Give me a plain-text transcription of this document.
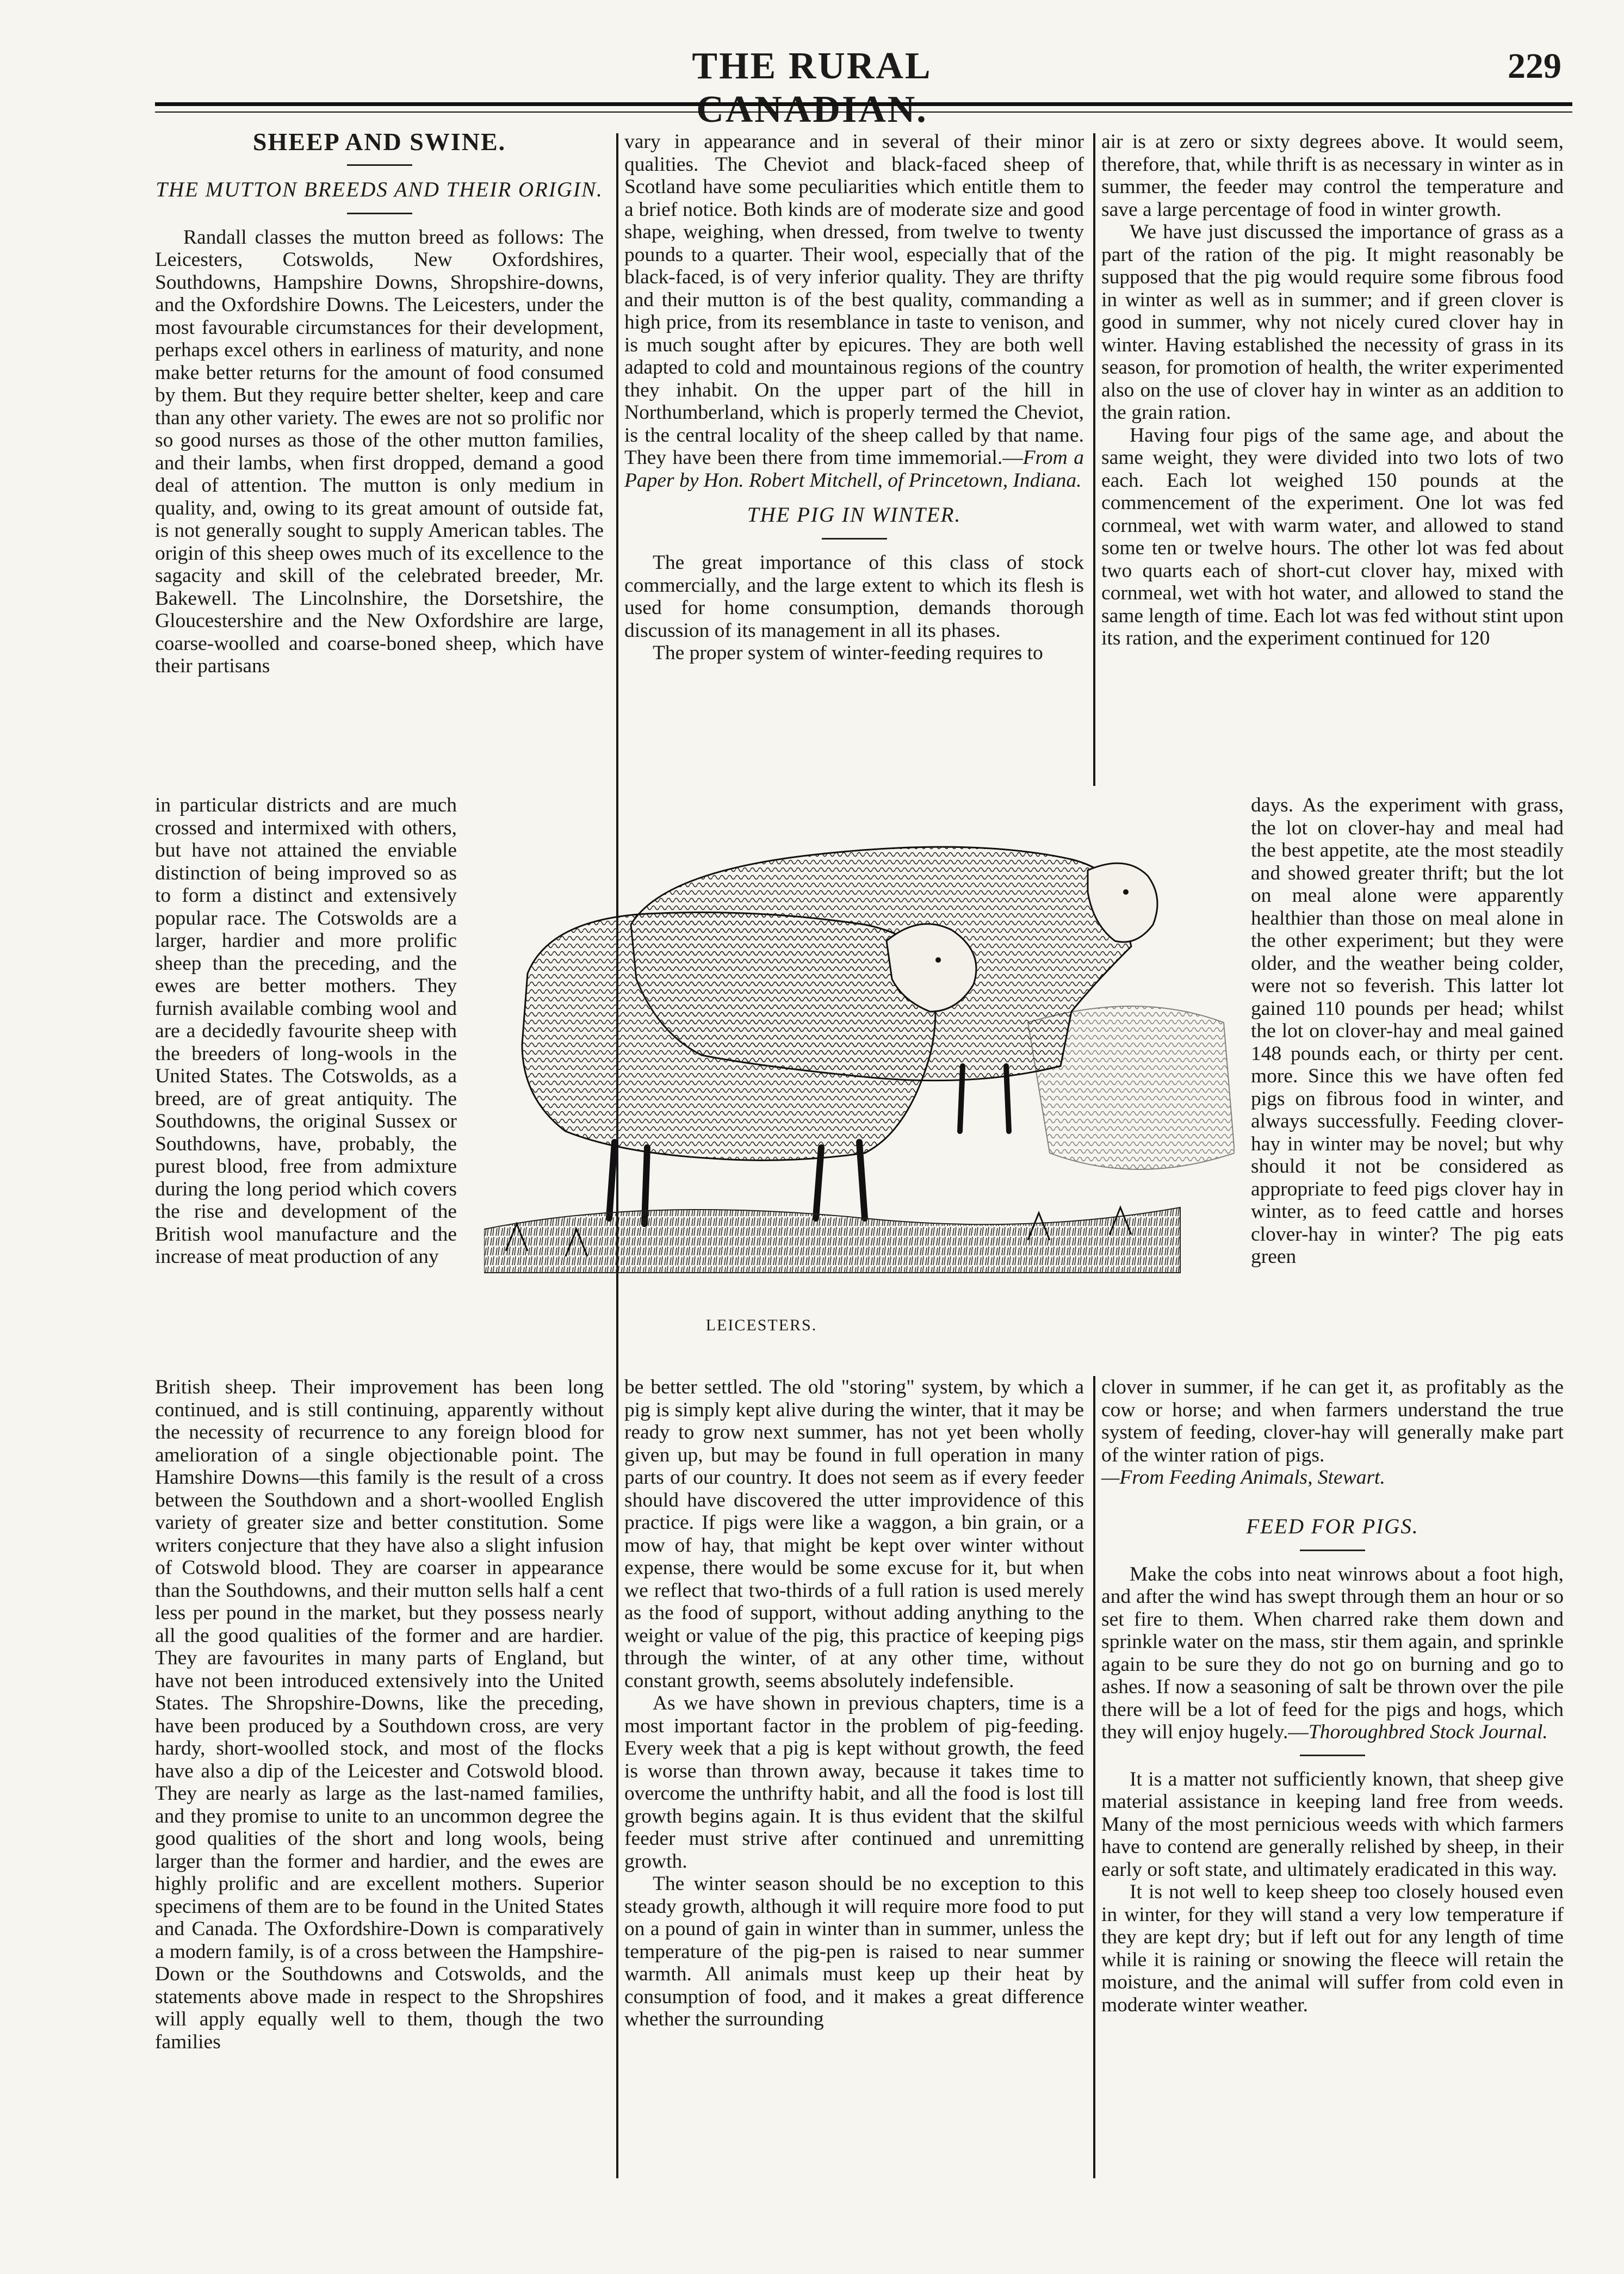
THE RURAL CANADIAN.
229
SHEEP AND SWINE.
THE MUTTON BREEDS AND THEIR ORIGIN.

Randall classes the mutton breed as follows: The Leicesters, Cotswolds, New Oxfordshires, Southdowns, Hampshire Downs, Shropshire-downs, and the Oxfordshire Downs. The Leicesters, under the most favourable circumstances for their development, perhaps excel others in earliness of maturity, and none make better returns for the amount of food consumed by them. But they require better shelter, keep and care than any other variety. The ewes are not so prolific nor so good nurses as those of the other mutton families, and their lambs, when first dropped, demand a good deal of attention. The mutton is only medium in quality, and, owing to its great amount of outside fat, is not generally sought to supply American tables. The origin of this sheep owes much of its excellence to the sagacity and skill of the celebrated breeder, Mr. Bakewell. The Lincolnshire, the Dorsetshire, the Gloucestershire and the New Oxfordshire are large, coarse-woolled and coarse-boned sheep, which have their partisans

in particular districts and are much crossed and intermixed with others, but have not attained the enviable distinction of being improved so as to form a distinct and extensively popular race. The Cotswolds are a larger, hardier and more prolific sheep than the preceding, and the ewes are better mothers. They furnish available combing wool and are a decidedly favourite sheep with the breeders of long-wools in the United States. The Cotswolds, as a breed, are of great antiquity. The Southdowns, the original Sussex or Southdowns, have, probably, the purest blood, free from admixture during the long period which covers the rise and development of the British wool manufacture and the increase of meat production of any

British sheep. Their improvement has been long continued, and is still continuing, apparently without the necessity of recurrence to any foreign blood for amelioration of a single objectionable point. The Hamshire Downs—this family is the result of a cross between the Southdown and a short-woolled English variety of greater size and better constitution. Some writers conjecture that they have also a slight infusion of Cotswold blood. They are coarser in appearance than the Southdowns, and their mutton sells half a cent less per pound in the market, but they possess nearly all the good qualities of the former and are hardier. They are favourites in many parts of England, but have not been introduced extensively into the United States. The Shropshire-Downs, like the preceding, have been produced by a Southdown cross, are very hardy, short-woolled stock, and most of the flocks have also a dip of the Leicester and Cotswold blood. They are nearly as large as the last-named families, and they promise to unite to an uncommon degree the good qualities of the short and long wools, being larger than the former and hardier, and the ewes are highly prolific and are excellent mothers. Superior specimens of them are to be found in the United States and Canada. The Oxfordshire-Down is comparatively a modern family, is of a cross between the Hampshire-Down or the Southdowns and Cotswolds, and the statements above made in respect to the Shropshires will apply equally well to them, though the two families

vary in appearance and in several of their minor qualities. The Cheviot and black-faced sheep of Scotland have some peculiarities which entitle them to a brief notice. Both kinds are of moderate size and good shape, weighing, when dressed, from twelve to twenty pounds to a quarter. Their wool, especially that of the black-faced, is of very inferior quality. They are thrifty and their mutton is of the best quality, commanding a high price, from its resemblance in taste to venison, and is much sought after by epicures. They are both well adapted to cold and mountainous regions of the country they inhabit. On the upper part of the hill in Northumberland, which is properly termed the Cheviot, is the central locality of the sheep called by that name. They have been there from time immemorial.—From a Paper by Hon. Robert Mitchell, of Princetown, Indiana.

THE PIG IN WINTER.

The great importance of this class of stock commercially, and the large extent to which its flesh is used for home consumption, demands thorough discussion of its management in all its phases.

The proper system of winter-feeding requires to

LEICESTERS.

be better settled. The old "storing" system, by which a pig is simply kept alive during the winter, that it may be ready to grow next summer, has not yet been wholly given up, but may be found in full operation in many parts of our country. It does not seem as if every feeder should have discovered the utter improvidence of this practice. If pigs were like a waggon, a bin grain, or a mow of hay, that might be kept over winter without expense, there would be some excuse for it, but when we reflect that two-thirds of a full ration is used merely as the food of support, without adding anything to the weight or value of the pig, this practice of keeping pigs through the winter, of at any other time, without constant growth, seems absolutely indefensible.

As we have shown in previous chapters, time is a most important factor in the problem of pig-feeding. Every week that a pig is kept without growth, the feed is worse than thrown away, because it takes time to overcome the unthrifty habit, and all the food is lost till growth begins again. It is thus evident that the skilful feeder must strive after continued and unremitting growth.

The winter season should be no exception to this steady growth, although it will require more food to put on a pound of gain in winter than in summer, unless the temperature of the pig-pen is raised to near summer warmth. All animals must keep up their heat by consumption of food, and it makes a great difference whether the surrounding

air is at zero or sixty degrees above. It would seem, therefore, that, while thrift is as necessary in winter as in summer, the feeder may control the temperature and save a large percentage of food in winter growth.

We have just discussed the importance of grass as a part of the ration of the pig. It might reasonably be supposed that the pig would require some fibrous food in winter as well as in summer; and if green clover is good in summer, why not nicely cured clover hay in winter. Having established the necessity of grass in its season, for promotion of health, the writer experimented also on the use of clover hay in winter as an addition to the grain ration.

Having four pigs of the same age, and about the same weight, they were divided into two lots of two each. Each lot weighed 150 pounds at the commencement of the experiment. One lot was fed cornmeal, wet with warm water, and allowed to stand some ten or twelve hours. The other lot was fed about two quarts each of short-cut clover hay, mixed with cornmeal, wet with hot water, and allowed to stand the same length of time. Each lot was fed without stint upon its ration, and the experiment continued for 120

days. As the experiment with grass, the lot on clover-hay and meal had the best appetite, ate the most steadily and showed greater thrift; but the lot on meal alone were apparently healthier than those on meal alone in the other experiment; but they were older, and the weather being colder, were not so feverish. This latter lot gained 110 pounds per head; whilst the lot on clover-hay and meal gained 148 pounds each, or thirty per cent. more. Since this we have often fed pigs on fibrous food in winter, and always successfully. Feeding clover-hay in winter may be novel; but why should it not be considered as appropriate to feed pigs clover hay in winter, as to feed cattle and horses clover-hay in winter? The pig eats green

clover in summer, if he can get it, as profitably as the cow or horse; and when farmers understand the true system of feeding, clover-hay will generally make part of the winter ration of pigs.

—From Feeding Animals, Stewart.

FEED FOR PIGS.

Make the cobs into neat winrows about a foot high, and after the wind has swept through them an hour or so set fire to them. When charred rake them down and sprinkle water on the mass, stir them again, and sprinkle again to be sure they do not go on burning and go to ashes. If now a seasoning of salt be thrown over the pile there will be a lot of feed for the pigs and hogs, which they will enjoy hugely.—Thoroughbred Stock Journal.

It is a matter not sufficiently known, that sheep give material assistance in keeping land free from weeds. Many of the most pernicious weeds with which farmers have to contend are generally relished by sheep, in their early or soft state, and ultimately eradicated in this way.

It is not well to keep sheep too closely housed even in winter, for they will stand a very low temperature if they are kept dry; but if left out for any length of time while it is raining or snowing the fleece will retain the moisture, and the animal will suffer from cold even in moderate winter weather.
